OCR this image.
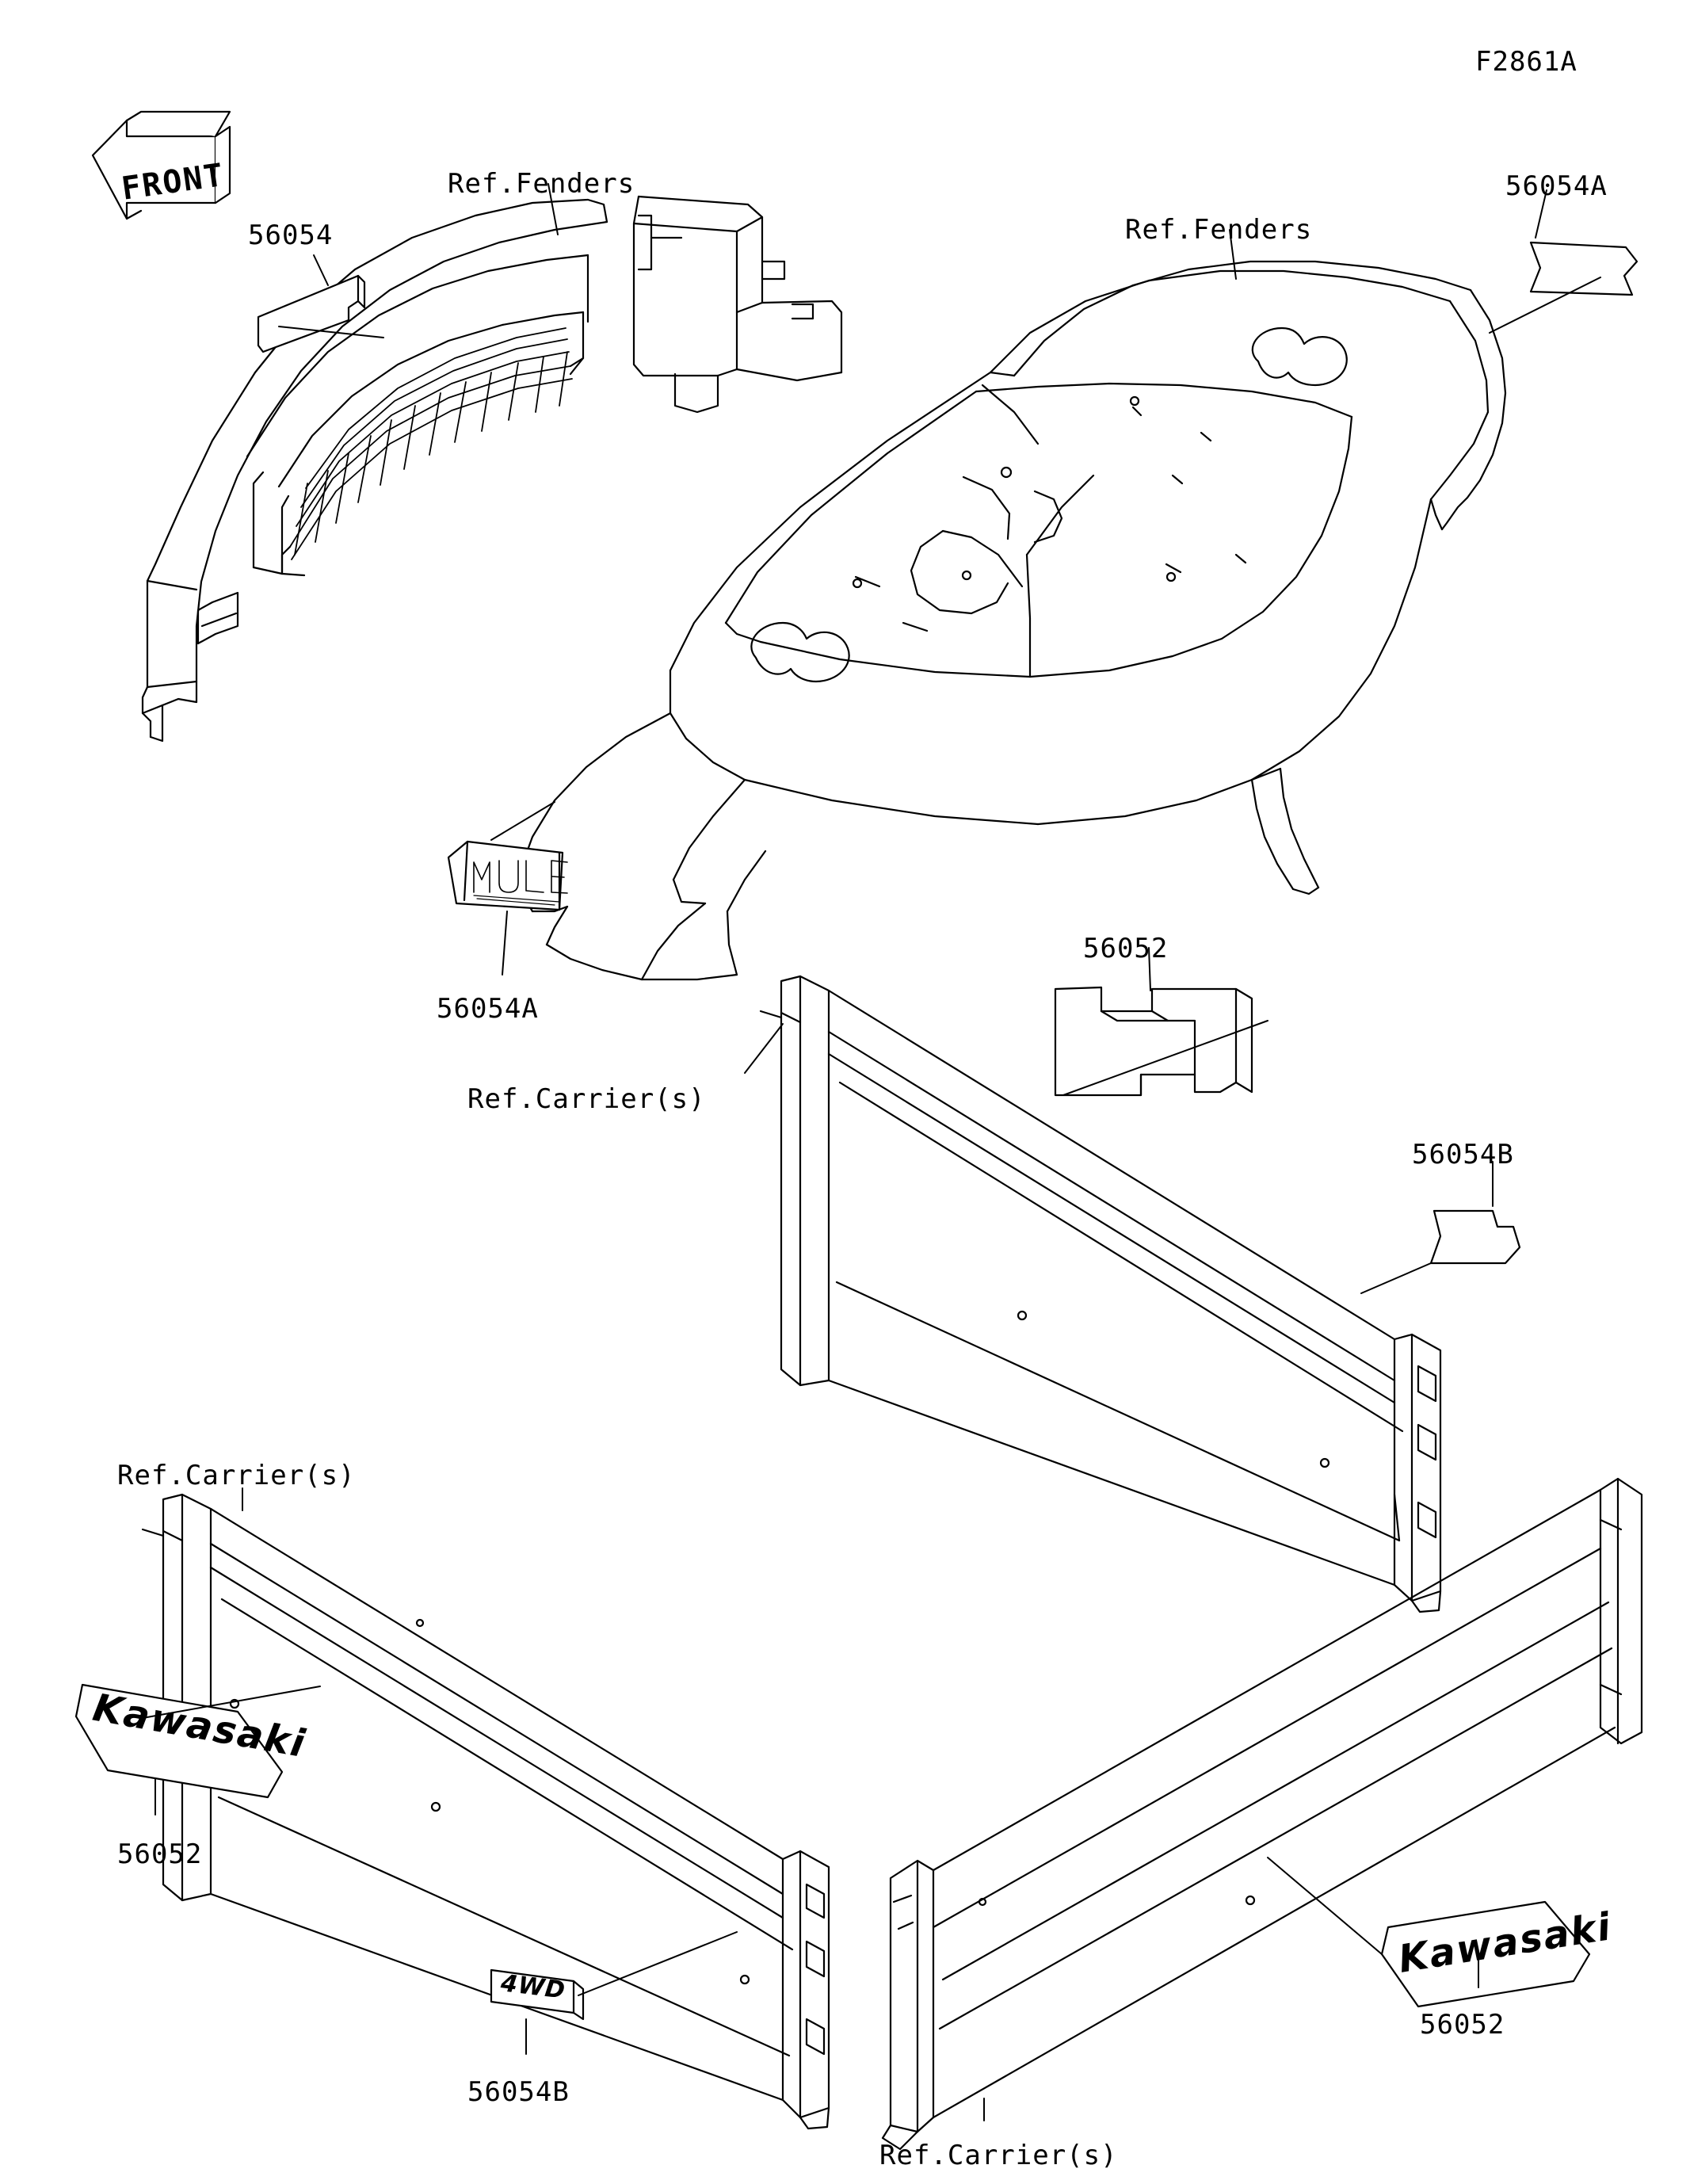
F2861A
FRONT
Kawasaki
Kawasaki
4WD
Ref.Fenders
56054	Ref.Fenders
56054A
56054A
56052
Ref.Carrier(s)
56054B
Ref.Carrier(s)
56052
56054B
56052
Ref.Carrier(s)
